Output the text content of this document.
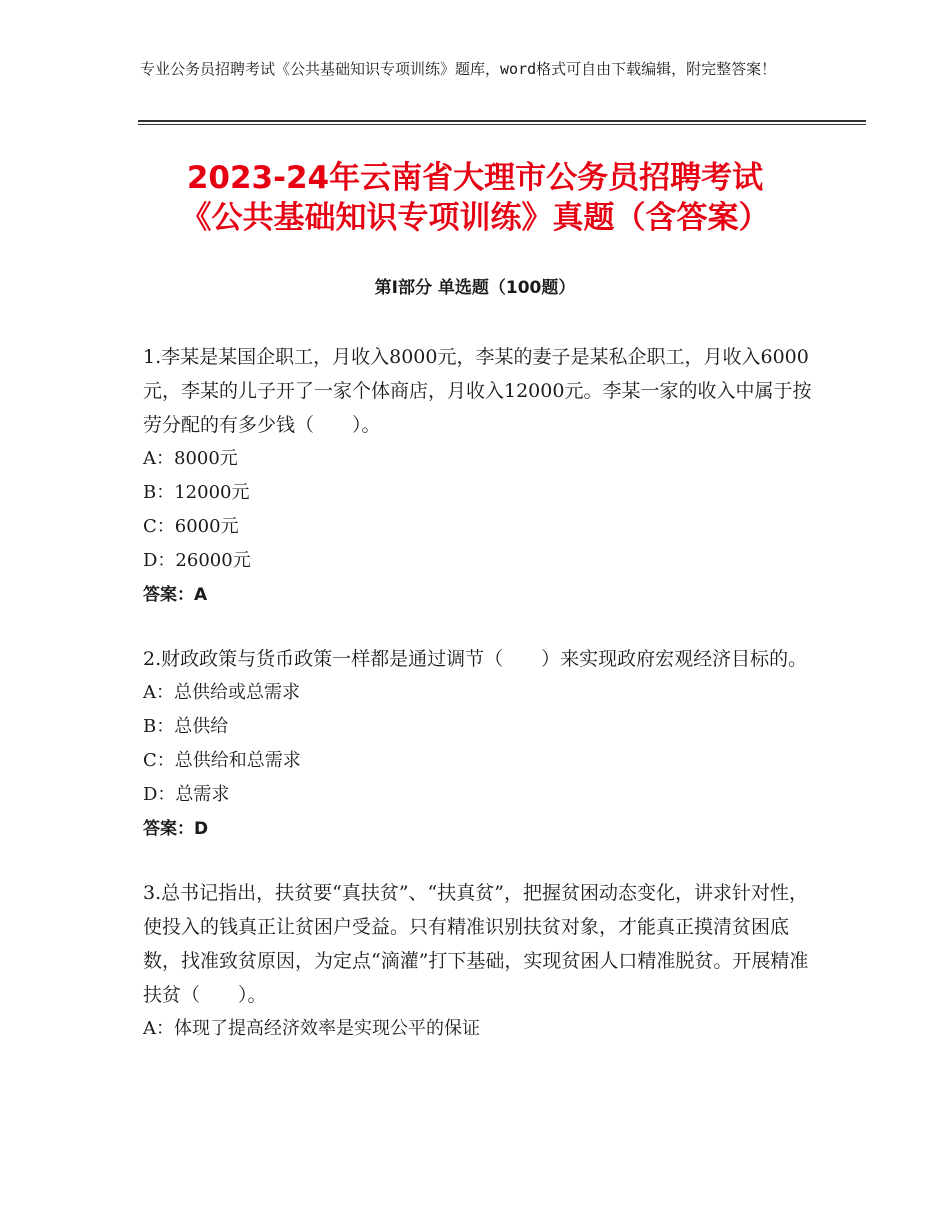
专业公务员招聘考试《公共基础知识专项训练》题库，word格式可自由下载编辑，附完整答案！
2023-24年云南省大理市公务员招聘考试
《公共基础知识专项训练》真题（含答案）
第Ⅰ部分 单选题（100题）

1.李某是某国企职工，月收入8000元，李某的妻子是某私企职工，月收入6000元，李某的儿子开了一家个体商店，月收入12000元。李某一家的收入中属于按劳分配的有多少钱（　　）。

A：8000元

B：12000元

C：6000元

D：26000元

答案：A

2.财政政策与货币政策一样都是通过调节（　　）来实现政府宏观经济目标的。

A：总供给或总需求

B：总供给

C：总供给和总需求

D：总需求

答案：D

3.总书记指出，扶贫要“真扶贫”、“扶真贫”，把握贫困动态变化，讲求针对性，使投入的钱真正让贫困户受益。只有精准识别扶贫对象，才能真正摸清贫困底数，找准致贫原因，为定点“滴灌”打下基础，实现贫困人口精准脱贫。开展精准扶贫（　　）。

A：体现了提高经济效率是实现公平的保证
